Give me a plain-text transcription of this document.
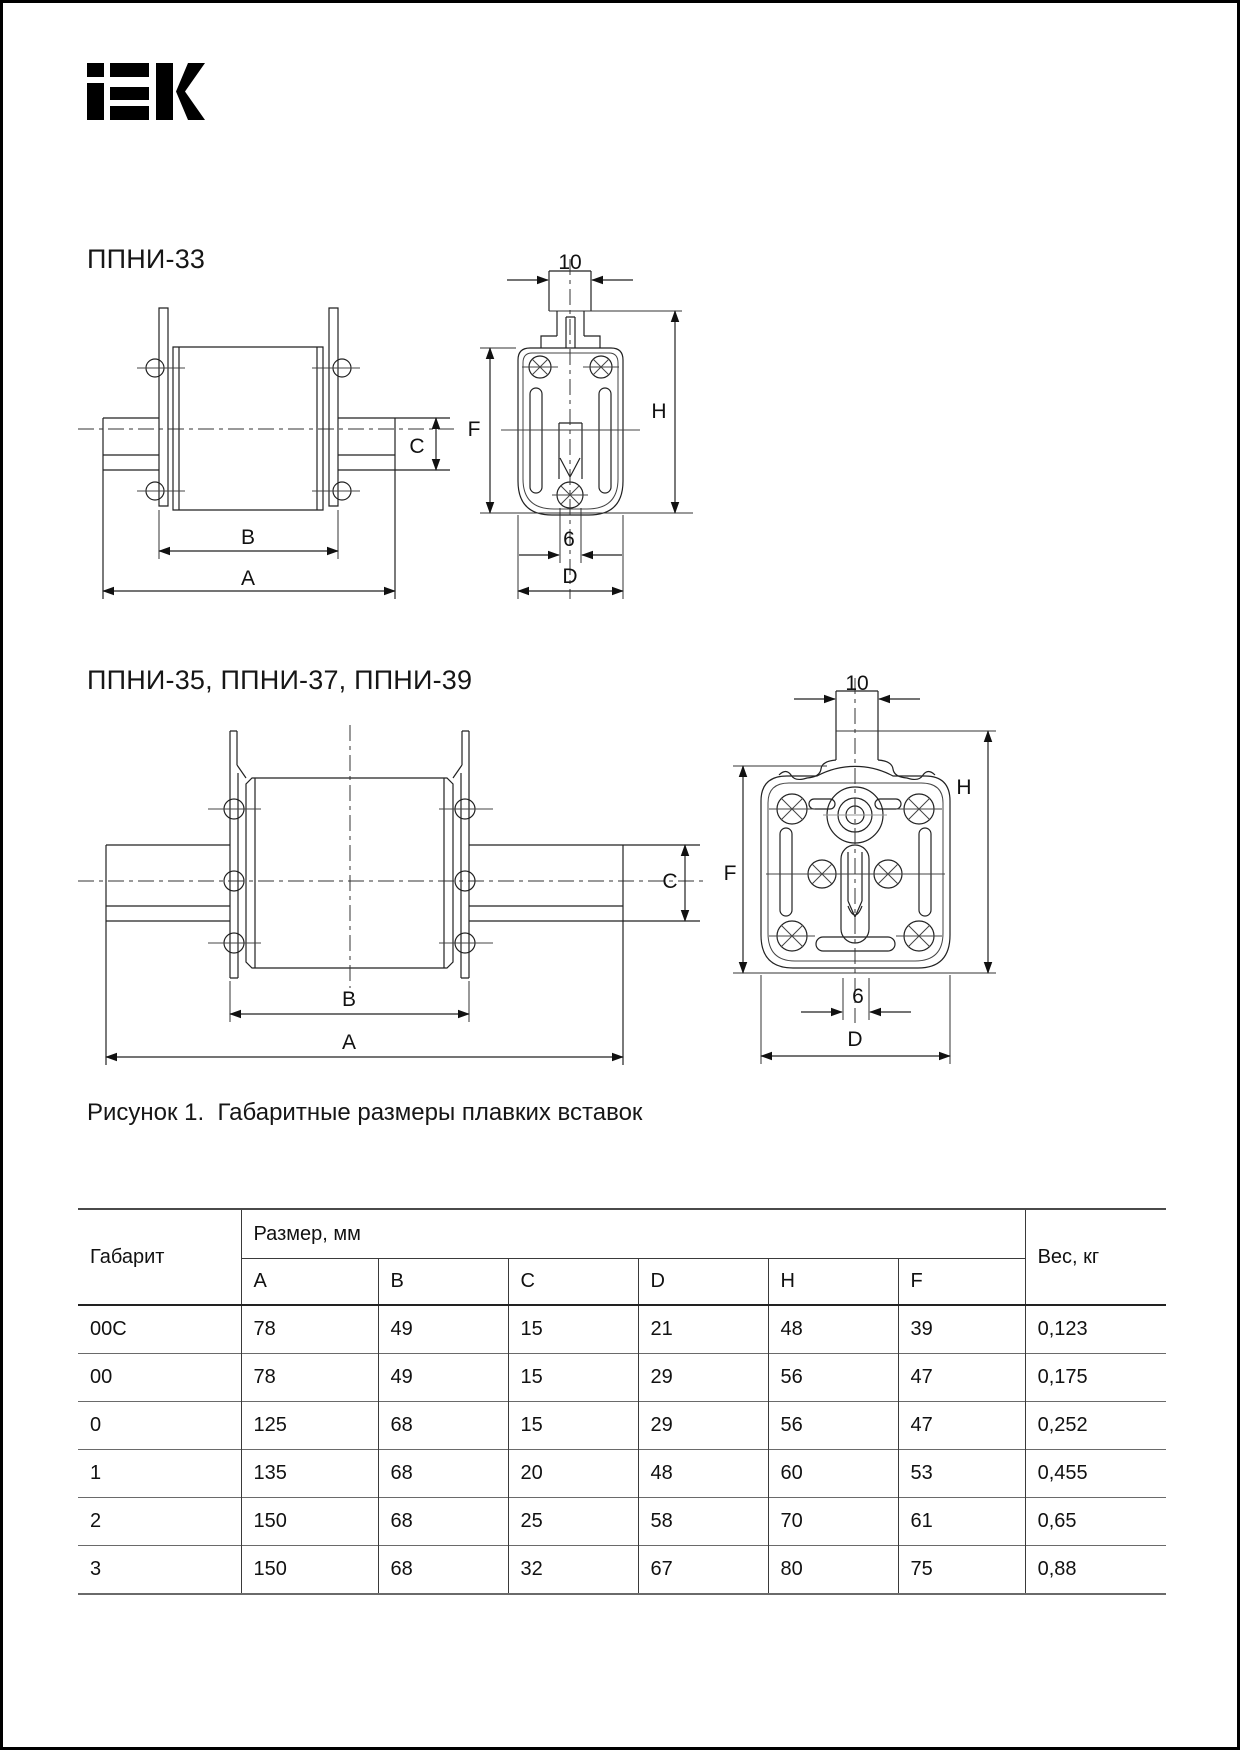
ППНИ-33
ППНИ-35, ППНИ-37, ППНИ-39
Рисунок 1.  Габаритные размеры плавких вставок
B
A
C
10
6
D
F
H
B
A
C
10
6
D
F
H
Габарит	Размер, мм						Вес, кг
	A	B	C	D	H	F	
00C	78	49	15	21	48	39	0,123
00	78	49	15	29	56	47	0,175
0	125	68	15	29	56	47	0,252
1	135	68	20	48	60	53	0,455
2	150	68	25	58	70	61	0,65
3	150	68	32	67	80	75	0,88
